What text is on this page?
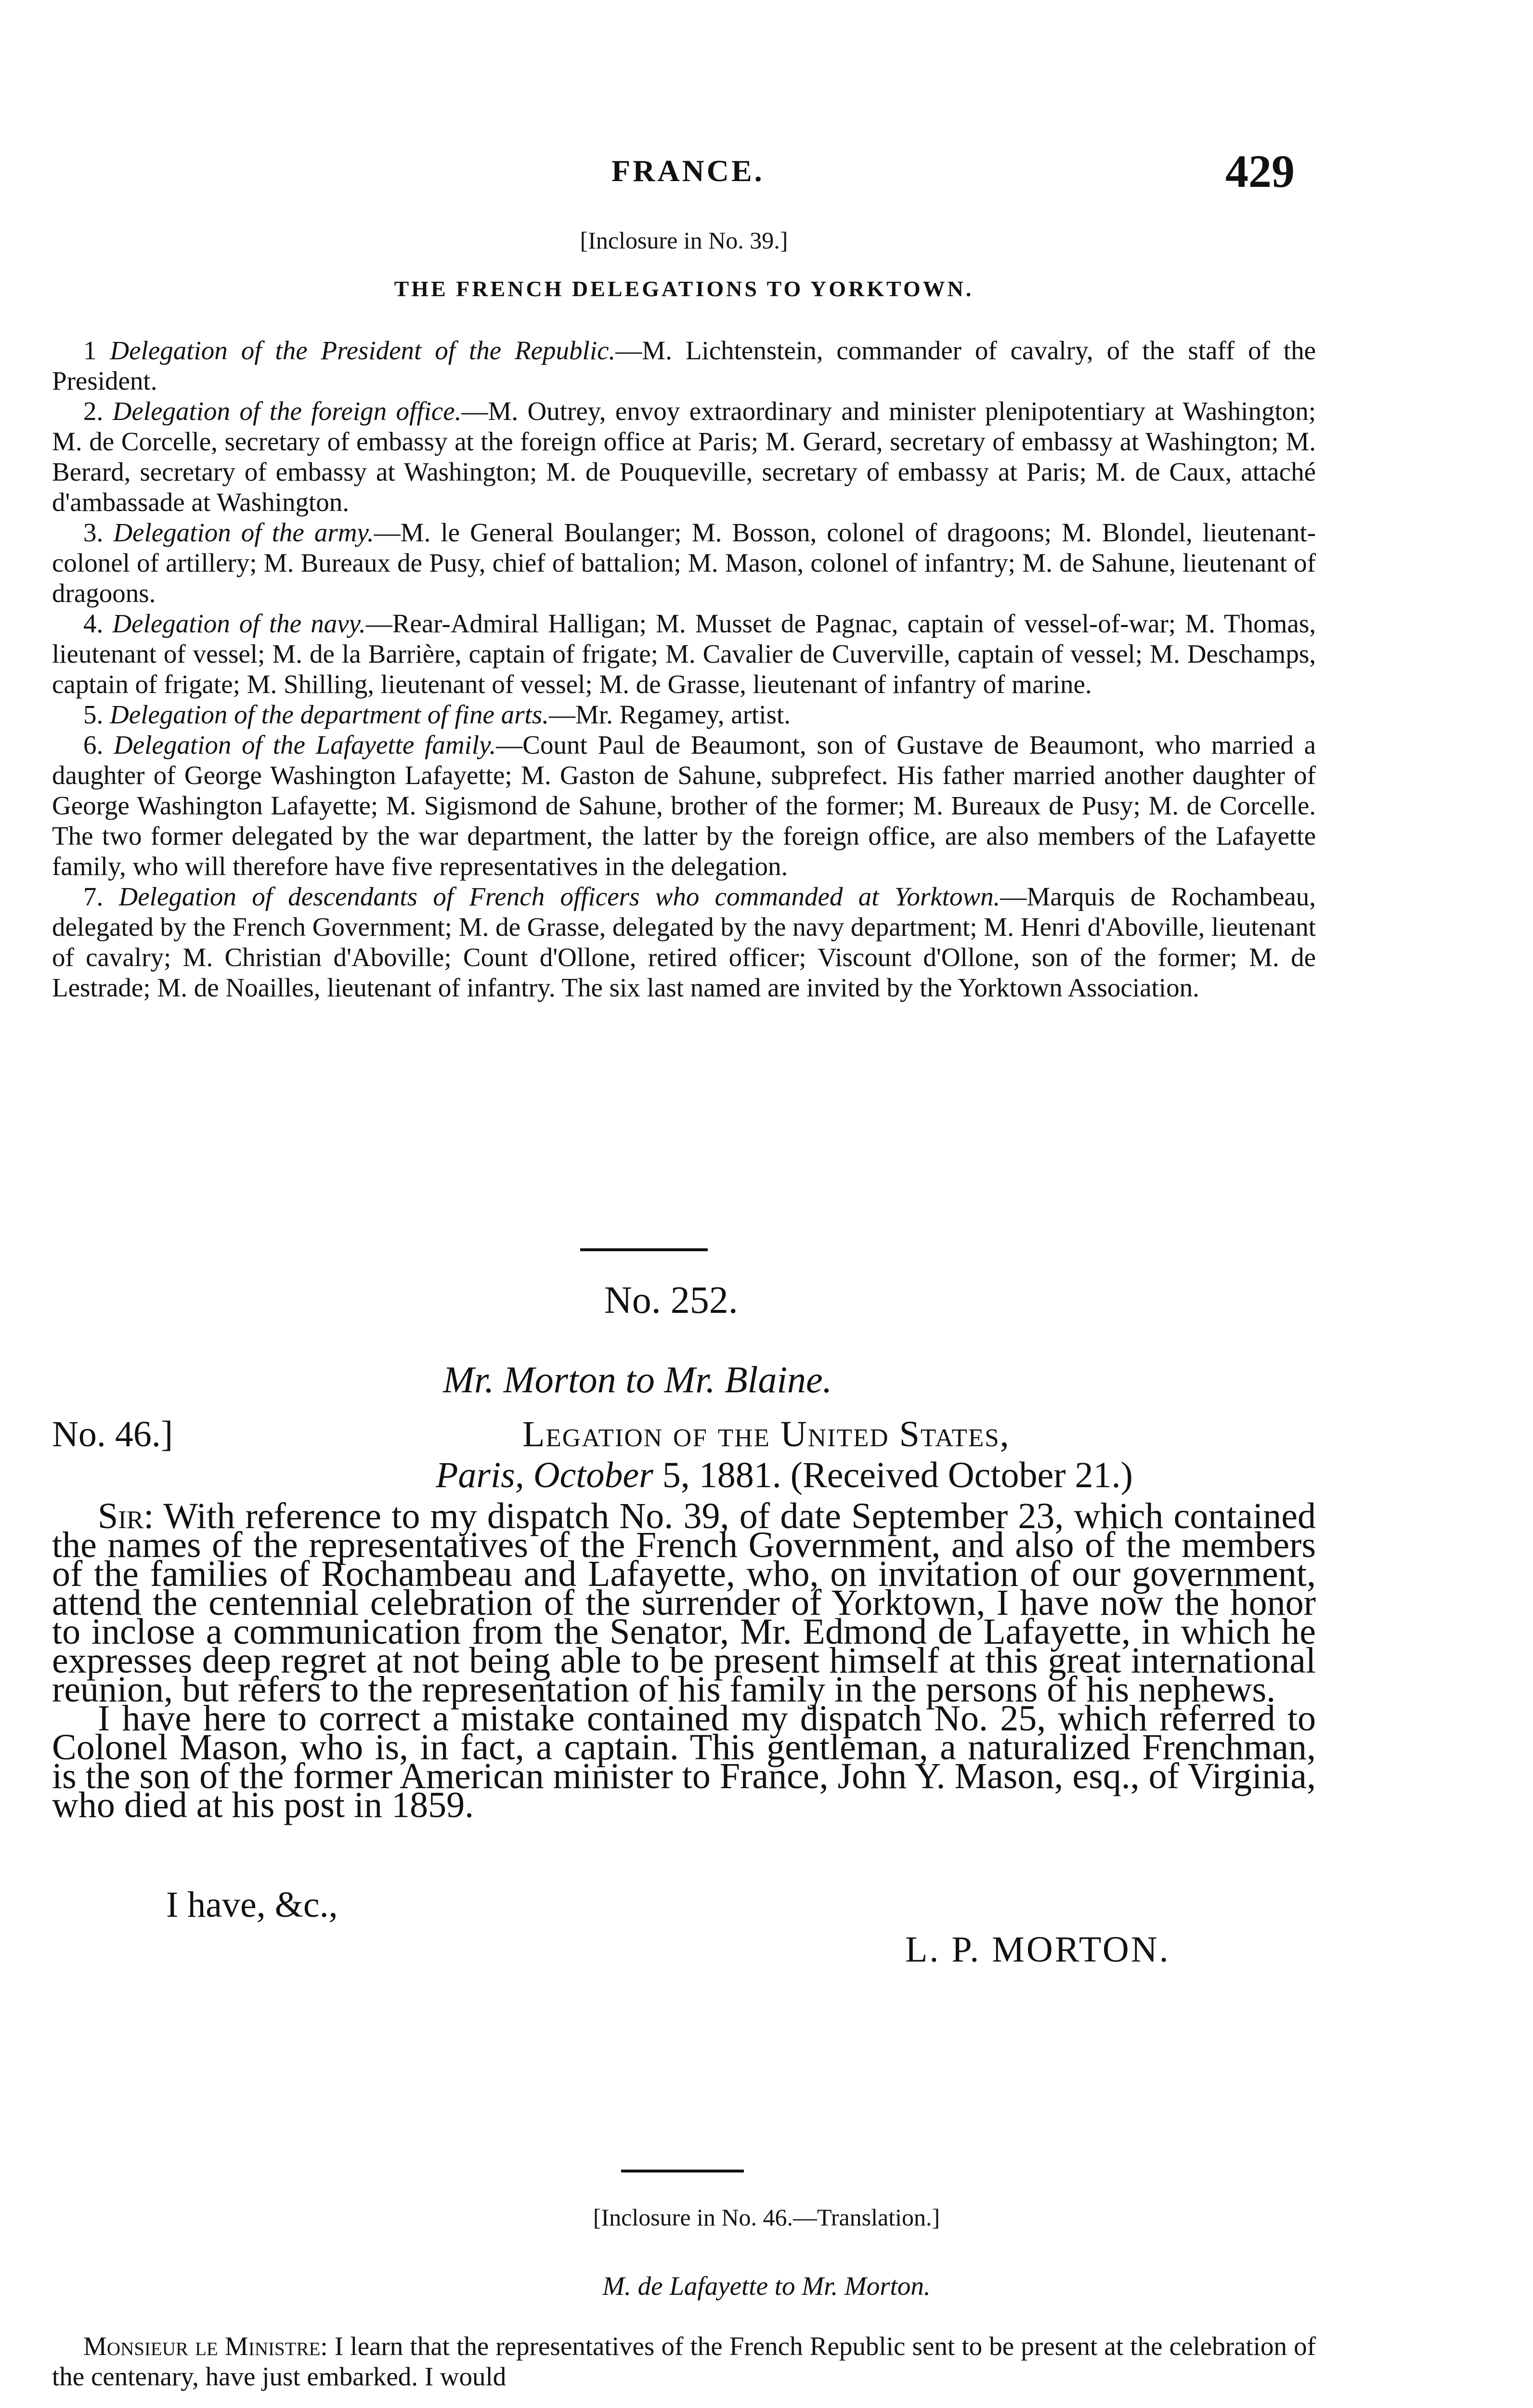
FRANCE.	429
[Inclosure in No. 39.]
THE FRENCH DELEGATIONS TO YORKTOWN.

1 Delegation of the President of the Republic.—M. Lichtenstein, commander of cavalry, of the staff of the President.

2. Delegation of the foreign office.—M. Outrey, envoy extraordinary and minister plenipotentiary at Washington; M. de Corcelle, secretary of embassy at the foreign office at Paris; M. Gerard, secretary of embassy at Washington; M. Berard, secretary of embassy at Washington; M. de Pouqueville, secretary of embassy at Paris; M. de Caux, attaché d'ambassade at Washington.

3. Delegation of the army.—M. le General Boulanger; M. Bosson, colonel of dragoons; M. Blondel, lieutenant-colonel of artillery; M. Bureaux de Pusy, chief of battalion; M. Mason, colonel of infantry; M. de Sahune, lieutenant of dragoons.

4. Delegation of the navy.—Rear-Admiral Halligan; M. Musset de Pagnac, captain of vessel-of-war; M. Thomas, lieutenant of vessel; M. de la Barrière, captain of frigate; M. Cavalier de Cuverville, captain of vessel; M. Deschamps, captain of frigate; M. Shilling, lieutenant of vessel; M. de Grasse, lieutenant of infantry of marine.

5. Delegation of the department of fine arts.—Mr. Regamey, artist.

6. Delegation of the Lafayette family.—Count Paul de Beaumont, son of Gustave de Beaumont, who married a daughter of George Washington Lafayette; M. Gaston de Sahune, subprefect. His father married another daughter of George Washington Lafayette; M. Sigismond de Sahune, brother of the former; M. Bureaux de Pusy; M. de Corcelle. The two former delegated by the war department, the latter by the foreign office, are also members of the Lafayette family, who will therefore have five representatives in the delegation.

7. Delegation of descendants of French officers who commanded at Yorktown.—Marquis de Rochambeau, delegated by the French Government; M. de Grasse, delegated by the navy department; M. Henri d'Aboville, lieutenant of cavalry; M. Christian d'Aboville; Count d'Ollone, retired officer; Viscount d'Ollone, son of the former; M. de Lestrade; M. de Noailles, lieutenant of infantry. The six last named are invited by the Yorktown Association.

No. 252.
Mr. Morton to Mr. Blaine.
No. 46.]	Legation of the United States,
Paris, October 5, 1881. (Received October 21.)

Sir: With reference to my dispatch No. 39, of date September 23, which contained the names of the representatives of the French Government, and also of the members of the families of Rochambeau and Lafayette, who, on invitation of our government, attend the centennial celebration of the surrender of Yorktown, I have now the honor to inclose a communication from the Senator, Mr. Edmond de Lafayette, in which he expresses deep regret at not being able to be present himself at this great international reunion, but refers to the representation of his family in the persons of his nephews.

I have here to correct a mistake contained my dispatch No. 25, which referred to Colonel Mason, who is, in fact, a captain. This gentleman, a naturalized Frenchman, is the son of the former American minister to France, John Y. Mason, esq., of Virginia, who died at his post in 1859.

I have, &c.,
L. P. MORTON.
[Inclosure in No. 46.—Translation.]
M. de Lafayette to Mr. Morton.

Monsieur le Ministre: I learn that the representatives of the French Republic sent to be present at the celebration of the centenary, have just embarked. I would
